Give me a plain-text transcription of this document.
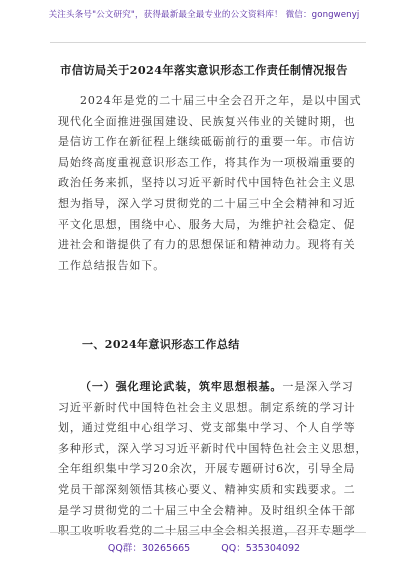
关注头条号"公文研究"，获得最新最全最专业的公文资料库！ 微信：gongwenyj
市信访局关于2024年落实意识形态工作责任制情况报告
2024年是党的二十届三中全会召开之年，是以中国式
现代化全面推进强国建设、民族复兴伟业的关键时期，也
是信访工作在新征程上继续砥砺前行的重要一年。市信访
局始终高度重视意识形态工作，将其作为一项极端重要的
政治任务来抓，坚持以习近平新时代中国特色社会主义思
想为指导，深入学习贯彻党的二十届三中全会精神和习近
平文化思想，围绕中心、服务大局，为维护社会稳定、促
进社会和谐提供了有力的思想保证和精神动力。现将有关
工作总结报告如下。
一、2024年意识形态工作总结
（一）强化理论武装，筑牢思想根基。一是深入学习
习近平新时代中国特色社会主义思想。制定系统的学习计
划，通过党组中心组学习、党支部集中学习、个人自学等
多种形式，深入学习习近平新时代中国特色社会主义思想，
全年组织集中学习20余次，开展专题研讨6次，引导全局
党员干部深刻领悟其核心要义、精神实质和实践要求。二
是学习贯彻党的二十届三中全会精神。及时组织全体干部
职工收听收看党的二十届三中全会相关报道，召开专题学
QQ群：30265665	QQ：535304092
